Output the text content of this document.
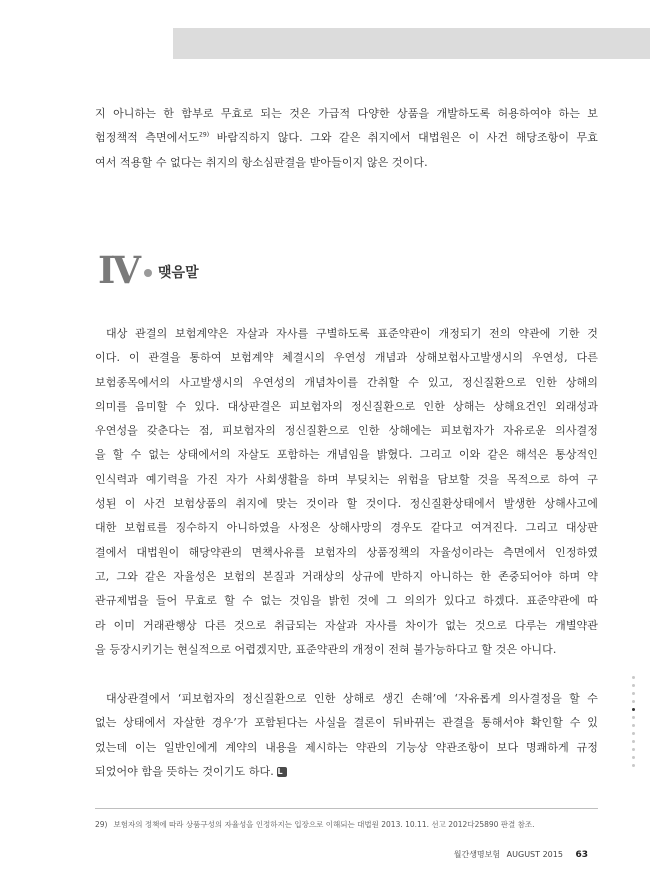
지 아니하는 한 함부로 무효로 되는 것은 가급적 다양한 상품을 개발하도록 허용하여야 하는 보
험정책적 측면에서도$^{29)}$ 바람직하지 않다. 그와 같은 취지에서 대법원은 이 사건 해당조항이 무효
여서 적용할 수 없다는 취지의 항소심판결을 받아들이지 않은 것이다.
IV 맺음말
대상 관결의 보험계약은 자살과 자사를 구별하도록 표준약관이 개정되기 전의 약관에 기한 것
이다. 이 관결을 통하여 보험계약 체결시의 우연성 개념과 상해보험사고발생시의 우연성, 다른
보험종목에서의 사고발생시의 우연성의 개념차이를 간취할 수 있고, 정신질환으로 인한 상해의
의미를 음미할 수 있다. 대상판결은 피보험자의 정신질환으로 인한 상해는 상해요건인 외래성과
우연성을 갖춘다는 점, 피보험자의 정신질환으로 인한 상해에는 피보험자가 자유로운 의사결정
을 할 수 없는 상태에서의 자살도 포함하는 개념임을 밝혔다. 그리고 이와 같은 해석은 통상적인
인식력과 예기력을 가진 자가 사회생활을 하며 부딪치는 위험을 담보할 것을 목적으로 하여 구
성된 이 사건 보험상품의 취지에 맞는 것이라 할 것이다. 정신질환상태에서 발생한 상해사고에
대한 보험료를 징수하지 아니하였을 사정은 상해사망의 경우도 같다고 여겨진다. 그리고 대상판
결에서 대법원이 해당약관의 면책사유를 보험자의 상품정책의 자율성이라는 측면에서 인정하였
고, 그와 같은 자율성은 보험의 본질과 거래상의 상규에 반하지 아니하는 한 존중되어야 하며 약
관규제법을 들어 무효로 할 수 없는 것임을 밝힌 것에 그 의의가 있다고 하겠다. 표준약관에 따
라 이미 거래관행상 다른 것으로 취급되는 자살과 자사를 차이가 없는 것으로 다루는 개별약관
을 등장시키기는 현실적으로 어렵겠지만, 표준약관의 개정이 전혀 불가능하다고 할 것은 아니다.
대상관결에서 ‘피보험자의 정신질환으로 인한 상해로 생긴 손해’에 ‘자유롭게 의사결정을 할 수
없는 상태에서 자살한 경우’가 포함된다는 사실을 결론이 뒤바뀌는 관결을 통해서야 확인할 수 있
었는데 이는 일반인에게 계약의 내용을 제시하는 약관의 기능상 약관조항이 보다 명쾌하게 규정
되었어야 함을 뜻하는 것이기도 하다. L
29) 보험자의 정책에 따라 상품구성의 자율성을 인정하지는 입장으로 이해되는 대법원 2013. 10.11. 선고 2012다25890 판결 참조.
월간생명보험 AUGUST 2015 63
